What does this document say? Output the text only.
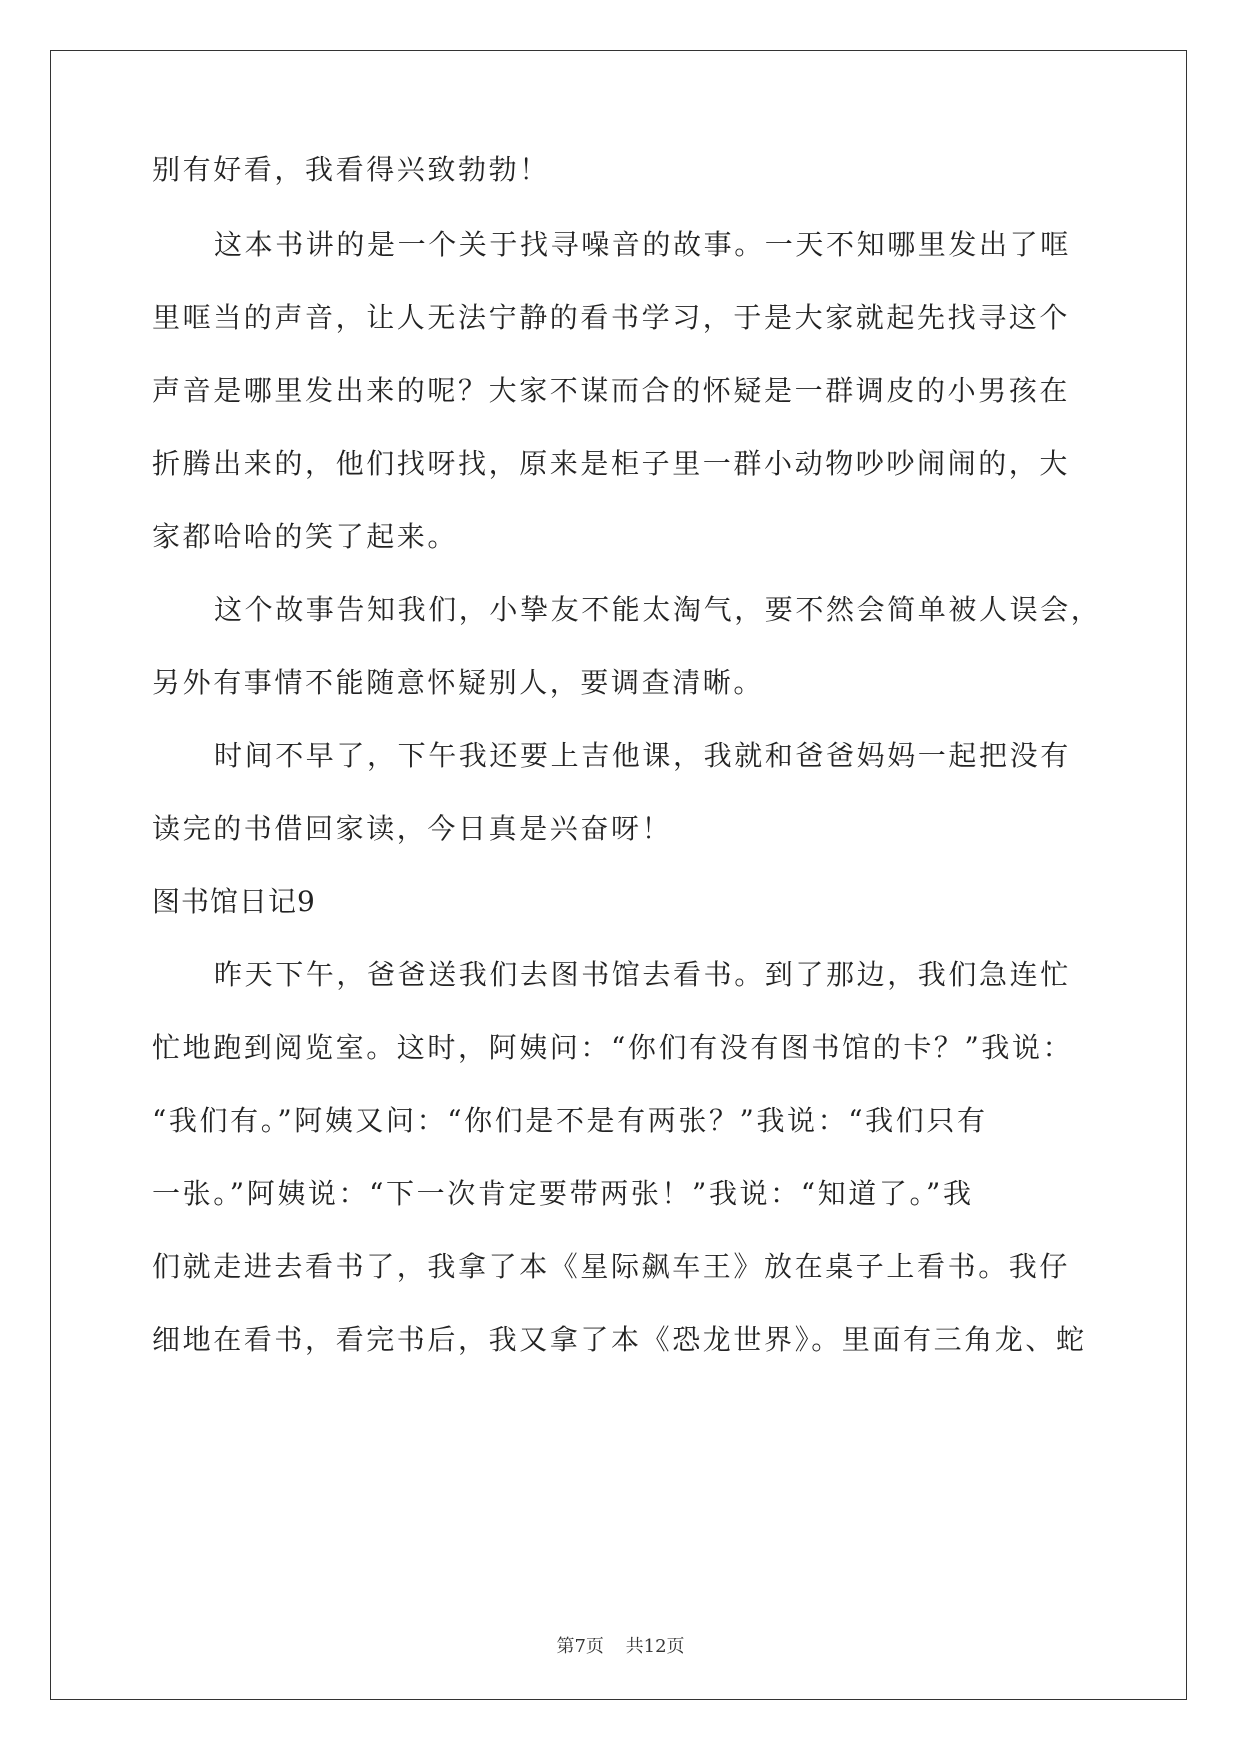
别有好看，我看得兴致勃勃！
这本书讲的是一个关于找寻噪音的故事。一天不知哪里发出了哐
里哐当的声音，让人无法宁静的看书学习，于是大家就起先找寻这个
声音是哪里发出来的呢？大家不谋而合的怀疑是一群调皮的小男孩在
折腾出来的，他们找呀找，原来是柜子里一群小动物吵吵闹闹的，大
家都哈哈的笑了起来。
这个故事告知我们，小挚友不能太淘气，要不然会简单被人误会，
另外有事情不能随意怀疑别人，要调查清晰。
时间不早了，下午我还要上吉他课，我就和爸爸妈妈一起把没有
读完的书借回家读，今日真是兴奋呀！
图书馆日记9
昨天下午，爸爸送我们去图书馆去看书。到了那边，我们急连忙
忙地跑到阅览室。这时，阿姨问：“你们有没有图书馆的卡？”我说：
“我们有。”阿姨又问：“你们是不是有两张？”我说：“我们只有
一张。”阿姨说：“下一次肯定要带两张！”我说：“知道了。”我
们就走进去看书了，我拿了本《星际飙车王》放在桌子上看书。我仔
细地在看书，看完书后，我又拿了本《恐龙世界》。里面有三角龙、蛇
第7页 共12页
